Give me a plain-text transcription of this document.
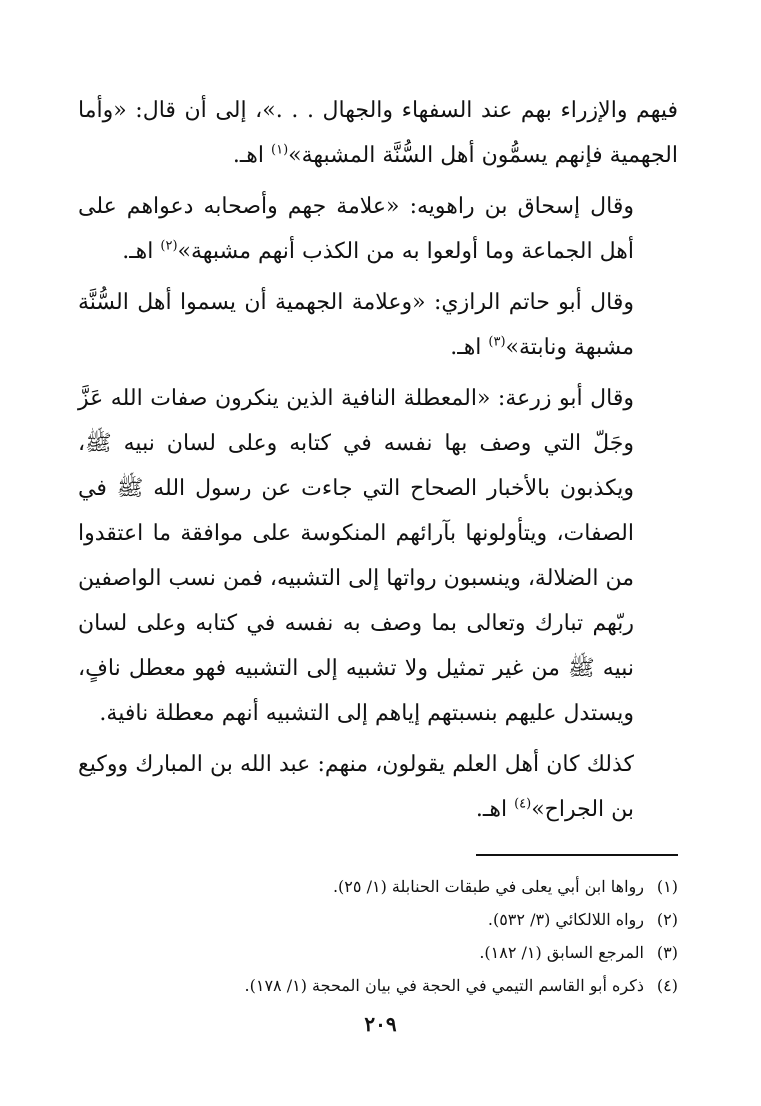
فيهم والإزراء بهم عند السفهاء والجهال . . .»، إلى أن قال: «وأما الجهمية فإنهم يسمُّون أهل السُّنَّة المشبهة»$^{(١)}$ اهـ.

وقال إسحاق بن راهويه: «علامة جهم وأصحابه دعواهم على أهل الجماعة وما أولعوا به من الكذب أنهم مشبهة»$^{(٢)}$ اهـ.

وقال أبو حاتم الرازي: «وعلامة الجهمية أن يسموا أهل السُّنَّة مشبهة ونابتة»$^{(٣)}$ اهـ.

وقال أبو زرعة: «المعطلة النافية الذين ينكرون صفات الله عَزَّ وجَلّ التي وصف بها نفسه في كتابه وعلى لسان نبيه ﷺ، ويكذبون بالأخبار الصحاح التي جاءت عن رسول الله ﷺ في الصفات، ويتأولونها بآرائهم المنكوسة على موافقة ما اعتقدوا من الضلالة، وينسبون رواتها إلى التشبيه، فمن نسب الواصفين ربّهم تبارك وتعالى بما وصف به نفسه في كتابه وعلى لسان نبيه ﷺ من غير تمثيل ولا تشبيه إلى التشبيه فهو معطل نافٍ، ويستدل عليهم بنسبتهم إياهم إلى التشبيه أنهم معطلة نافية.

كذلك كان أهل العلم يقولون، منهم: عبد الله بن المبارك ووكيع بن الجراح»$^{(٤)}$ اهـ.

(١)رواها ابن أبي يعلى في طبقات الحنابلة (١/ ٢٥).
(٢)رواه اللالكائي (٣/ ٥٣٢).
(٣)المرجع السابق (١/ ١٨٢).
(٤)ذكره أبو القاسم التيمي في الحجة في بيان المحجة (١/ ١٧٨).
٢٠٩
